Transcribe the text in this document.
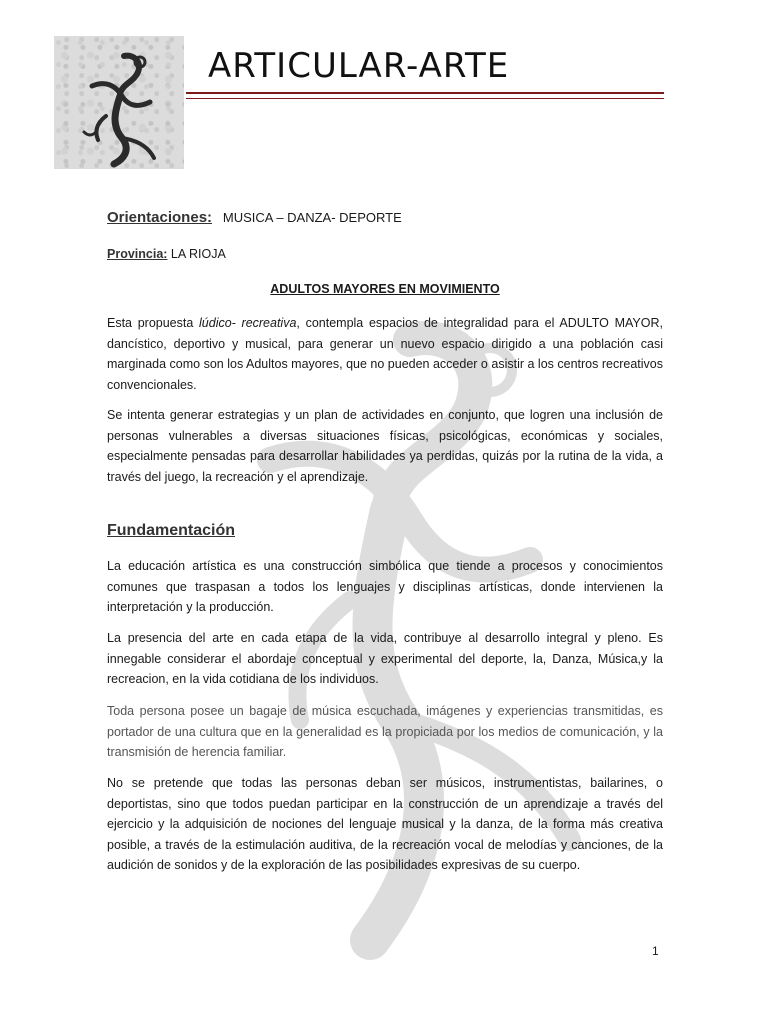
ARTICULAR-ARTE

Orientaciones: MUSICA – DANZA- DEPORTE

Provincia: LA RIOJA

ADULTOS MAYORES EN MOVIMIENTO

Esta propuesta lúdico- recreativa, contempla espacios de integralidad para el ADULTO MAYOR, dancístico, deportivo y musical, para generar un nuevo espacio dirigido a una población casi marginada como son los Adultos mayores, que no pueden acceder o asistir a los centros recreativos convencionales.

Se intenta generar estrategias y un plan de actividades en conjunto, que logren una inclusión de personas vulnerables a diversas situaciones físicas, psicológicas, económicas y sociales, especialmente pensadas para desarrollar habilidades ya perdidas, quizás por la rutina de la vida, a través del juego, la recreación y el aprendizaje.

Fundamentación

La educación artística es una construcción simbólica que tiende a procesos y conocimientos comunes que traspasan a todos los lenguajes y disciplinas artísticas, donde intervienen la interpretación y la producción.

La presencia del arte en cada etapa de la vida, contribuye al desarrollo integral y pleno. Es innegable considerar el abordaje conceptual y experimental del deporte, la, Danza, Música,y la recreacion, en la vida cotidiana de los individuos.

Toda persona posee un bagaje de música escuchada, imágenes y experiencias transmitidas, es portador de una cultura que en la generalidad es la propiciada por los medios de comunicación, y la transmisión de herencia familiar.

No se pretende que todas las personas deban ser músicos, instrumentistas, bailarines, o deportistas, sino que todos puedan participar en la construcción de un aprendizaje a través del ejercicio y la adquisición de nociones del lenguaje musical y la danza, de la forma más creativa posible, a través de la estimulación auditiva, de la recreación vocal de melodías y canciones, de la audición de sonidos y de la exploración de las posibilidades expresivas de su cuerpo.

1
